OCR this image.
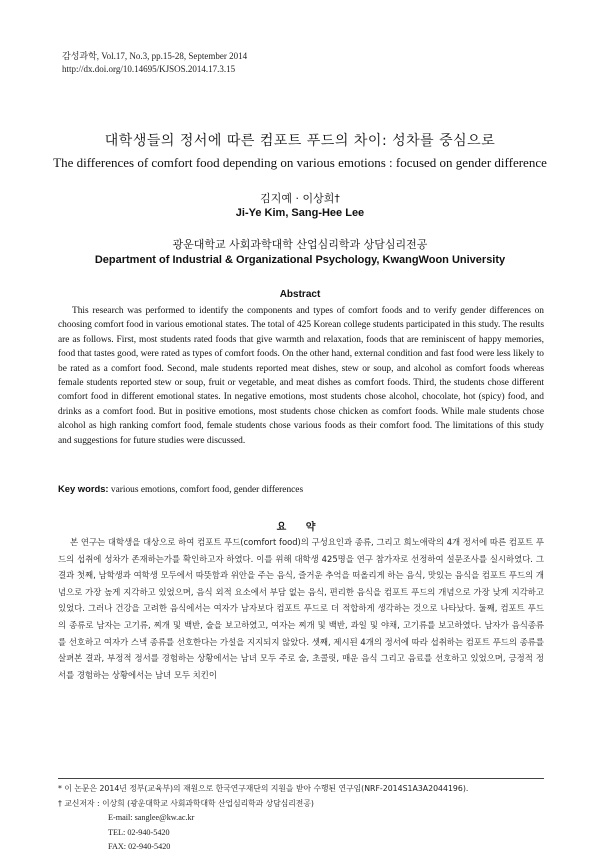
감성과학, Vol.17, No.3, pp.15-28, September 2014
http://dx.doi.org/10.14695/KJSOS.2014.17.3.15
대학생들의 정서에 따른 컴포트 푸드의 차이: 성차를 중심으로
The differences of comfort food depending on various emotions : focused on gender difference
김지예 · 이상희†
Ji-Ye Kim, Sang-Hee Lee
광운대학교 사회과학대학 산업심리학과 상담심리전공
Department of Industrial & Organizational Psychology, KwangWoon University
Abstract

This research was performed to identify the components and types of comfort foods and to verify gender differences on choosing comfort food in various emotional states. The total of 425 Korean college students participated in this study. The results are as follows. First, most students rated foods that give warmth and relaxation, foods that are reminiscent of happy memories, food that tastes good, were rated as types of comfort foods. On the other hand, external condition and fast food were less likely to be rated as a comfort food. Second, male students reported meat dishes, stew or soup, and alcohol as comfort foods whereas female students reported stew or soup, fruit or vegetable, and meat dishes as comfort foods. Third, the students chose different comfort food in different emotional states. In negative emotions, most students chose alcohol, chocolate, hot (spicy) food, and drinks as a comfort food. But in positive emotions, most students chose chicken as comfort foods. While male students chose alcohol as high ranking comfort food, female students chose various foods as their comfort food. The limitations of this study and suggestions for future studies were discussed.

Key words: various emotions, comfort food, gender differences
요 약

본 연구는 대학생을 대상으로 하여 컴포트 푸드(comfort food)의 구성요인과 종류, 그리고 희노애락의 4개 정서에 따른 컴포트 푸드의 섭취에 성차가 존재하는가를 확인하고자 하였다. 이를 위해 대학생 425명을 연구 참가자로 선정하여 설문조사를 실시하였다. 그 결과 첫째, 남학생과 여학생 모두에서 따뜻함과 위안을 주는 음식, 즐거운 추억을 떠올리게 하는 음식, 맛있는 음식을 컴포트 푸드의 개념으로 가장 높게 지각하고 있었으며, 음식 외적 요소에서 부담 없는 음식, 편리한 음식을 컴포트 푸드의 개념으로 가장 낮게 지각하고 있었다. 그러나 건강을 고려한 음식에서는 여자가 남자보다 컴포트 푸드로 더 적합하게 생각하는 것으로 나타났다. 둘째, 컴포트 푸드의 종류로 남자는 고기류, 찌개 및 백반, 술을 보고하였고, 여자는 찌개 및 백반, 과일 및 야채, 고기류를 보고하였다. 남자가 음식종류를 선호하고 여자가 스낵 종류를 선호한다는 가설을 지지되지 않았다. 셋째, 제시된 4개의 정서에 따라 섭취하는 컴포트 푸드의 종류를 살펴본 결과, 부정적 정서를 경험하는 상황에서는 남녀 모두 주로 술, 초콜릿, 매운 음식 그리고 음료를 선호하고 있었으며, 긍정적 정서를 경험하는 상황에서는 남녀 모두 치킨이

* 이 논문은 2014년 정부(교육부)의 재원으로 한국연구재단의 지원을 받아 수행된 연구임(NRF-2014S1A3A2044196).
† 교신저자 : 이상희 (광운대학교 사회과학대학 산업심리학과 상담심리전공)
E-mail: sanglee@kw.ac.kr
TEL: 02-940-5420
FAX: 02-940-5420
